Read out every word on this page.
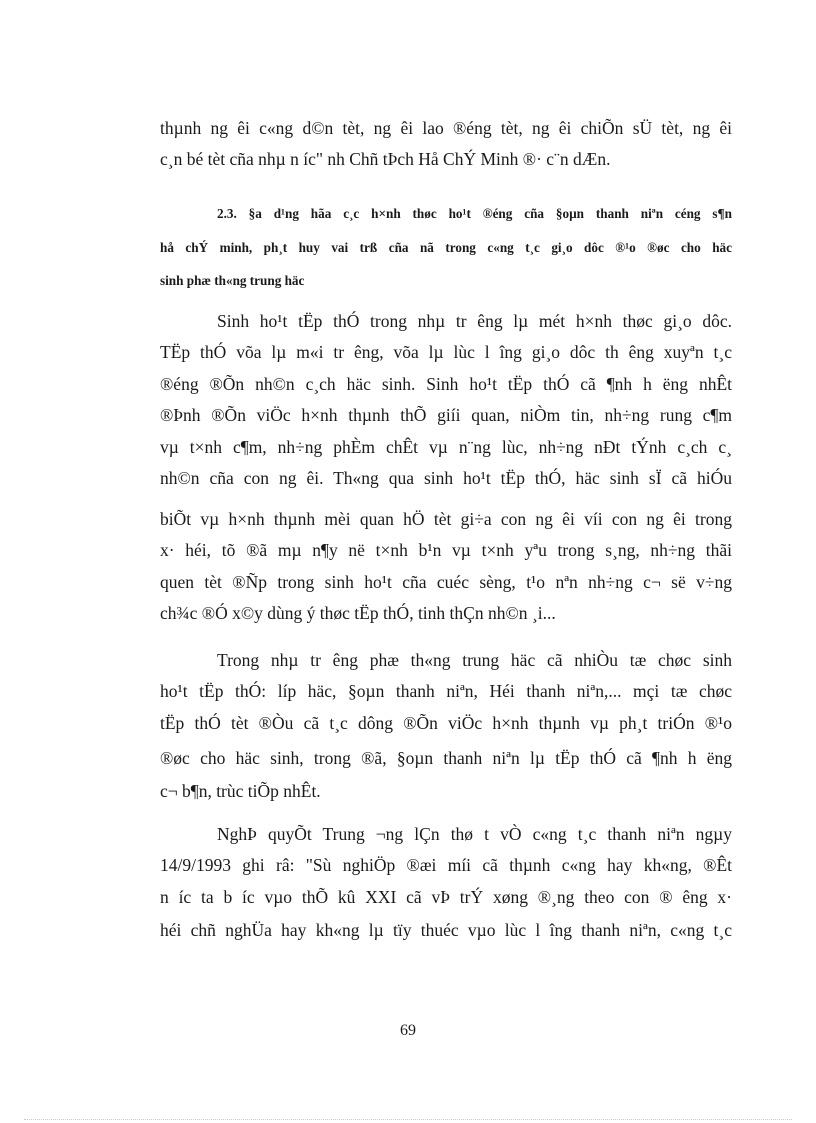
thµnh ng êi c«ng d©n tèt, ng êi lao ®éng tèt, ng êi chiÕn sÜ tèt, ng êi
c¸n bé tèt cña nhµ n íc" nh Chñ tÞch Hå ChÝ Minh ®· c¨n dÆn.
2.3. §a d¹ng hãa c¸c h×nh thøc ho¹t ®éng cña §oµn thanh niªn céng s¶n
hå chÝ minh, ph¸t huy vai trß cña nã trong c«ng t¸c gi¸o dôc ®¹o ®øc cho häc
sinh phæ th«ng trung häc
Sinh ho¹t tËp thÓ trong nhµ tr êng lµ mét h×nh thøc gi¸o dôc.
TËp thÓ võa lµ m«i tr êng, võa lµ lùc l îng gi¸o dôc th êng xuyªn t¸c
®éng ®Õn nh©n c¸ch häc sinh. Sinh ho¹t tËp thÓ cã ¶nh h ëng nhÊt
®Þnh ®Õn viÖc h×nh thµnh thÕ giíi quan, niÒm tin, nh÷ng rung c¶m
vµ t×nh c¶m, nh÷ng phÈm chÊt vµ n¨ng lùc, nh÷ng nÐt tÝnh c¸ch c¸
nh©n cña con ng êi. Th«ng qua sinh ho¹t tËp thÓ, häc sinh sÏ cã hiÓu
biÕt vµ h×nh thµnh mèi quan hÖ tèt gi÷a con ng êi víi con ng êi trong
x· héi, tõ ®ã mµ n¶y në t×nh b¹n vµ t×nh yªu trong s¸ng, nh÷ng thãi
quen tèt ®Ñp trong sinh ho¹t cña cuéc sèng, t¹o nªn nh÷ng c¬ së v÷ng
ch¾c ®Ó x©y dùng ý thøc tËp thÓ, tinh thÇn nh©n ¸i...
Trong nhµ tr êng phæ th«ng trung häc cã nhiÒu tæ chøc sinh
ho¹t tËp thÓ: líp häc, §oµn thanh niªn, Héi thanh niªn,... mçi tæ chøc
tËp thÓ tèt ®Òu cã t¸c dông ®Õn viÖc h×nh thµnh vµ ph¸t triÓn ®¹o
®øc cho häc sinh, trong ®ã, §oµn thanh niªn lµ tËp thÓ cã ¶nh h ëng
c¬ b¶n, trùc tiÕp nhÊt.
NghÞ quyÕt Trung ¬ng lÇn thø t vÒ c«ng t¸c thanh niªn ngµy
14/9/1993 ghi râ: "Sù nghiÖp ®æi míi cã thµnh c«ng hay kh«ng, ®Êt
n íc ta b íc vµo thÕ kû XXI cã vÞ trÝ xøng ®¸ng theo con ® êng x·
héi chñ nghÜa hay kh«ng lµ tïy thuéc vµo lùc l îng thanh niªn, c«ng t¸c
69
